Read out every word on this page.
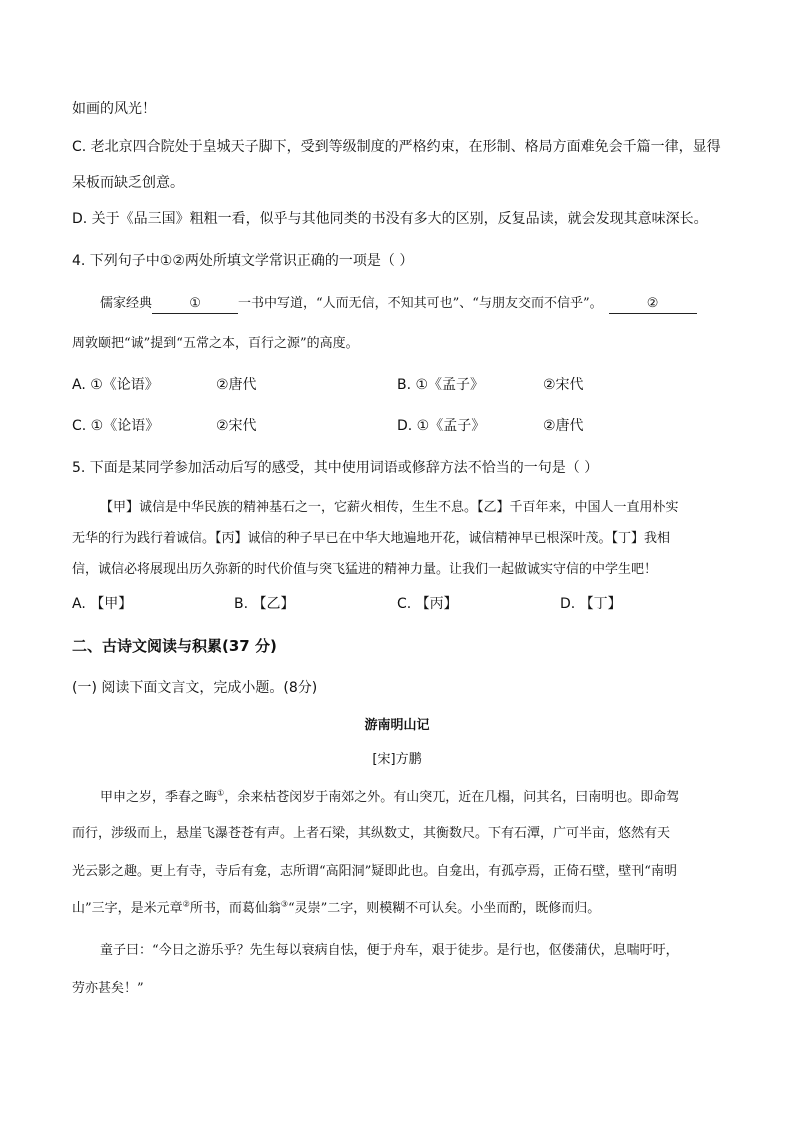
如画的风光！
C. 老北京四合院处于皇城天子脚下，受到等级制度的严格约束，在形制、格局方面难免会千篇一律，显得
呆板而缺乏创意。
D. 关于《品三国》粗粗一看，似乎与其他同类的书没有多大的区别，反复品读，就会发现其意味深长。
4. 下列句子中①②两处所填文学常识正确的一项是（ ）
儒家经典	①	一书中写道，“人而无信，不知其可也”、“与朋友交而不信乎”。	②
周敦颐把“诚”提到“五常之本，百行之源”的高度。
A. ①《论语》	②唐代	B. ①《孟子》	②宋代
C. ①《论语》	②宋代	D. ①《孟子》	②唐代
5. 下面是某同学参加活动后写的感受，其中使用词语或修辞方法不恰当的一句是（ ）
【甲】诚信是中华民族的精神基石之一，它薪火相传，生生不息。【乙】千百年来，中国人一直用朴实
无华的行为践行着诚信。【丙】诚信的种子早已在中华大地遍地开花，诚信精神早已根深叶茂。【丁】我相
信，诚信必将展现出历久弥新的时代价值与突飞猛进的精神力量。让我们一起做诚实守信的中学生吧！
A. 【甲】	B. 【乙】	C. 【丙】	D. 【丁】
二、古诗文阅读与积累(37 分)
(一) 阅读下面文言文，完成小题。(8分)
游南明山记
[宋]方鹏
甲申之岁，季春之晦①，余来枯苍闵岁于南郊之外。有山突兀，近在几榻，问其名，曰南明也。即命驾
而行，涉级而上，悬崖飞瀑苍苍有声。上者石梁，其纵数丈，其衡数尺。下有石潭，广可半亩，悠然有天
光云影之趣。更上有寺，寺后有龛，志所谓“高阳洞”疑即此也。自龛出，有孤亭焉，正倚石壁，壁刊“南明
山”三字，是米元章②所书，而葛仙翁③“灵崇”二字，则模糊不可认矣。小坐而酌，既修而归。
童子曰：“今日之游乐乎？先生每以衰病自怯，便于舟车，艰于徒步。是行也，伛偻蒲伏，息喘吁吁，
劳亦甚矣！”
